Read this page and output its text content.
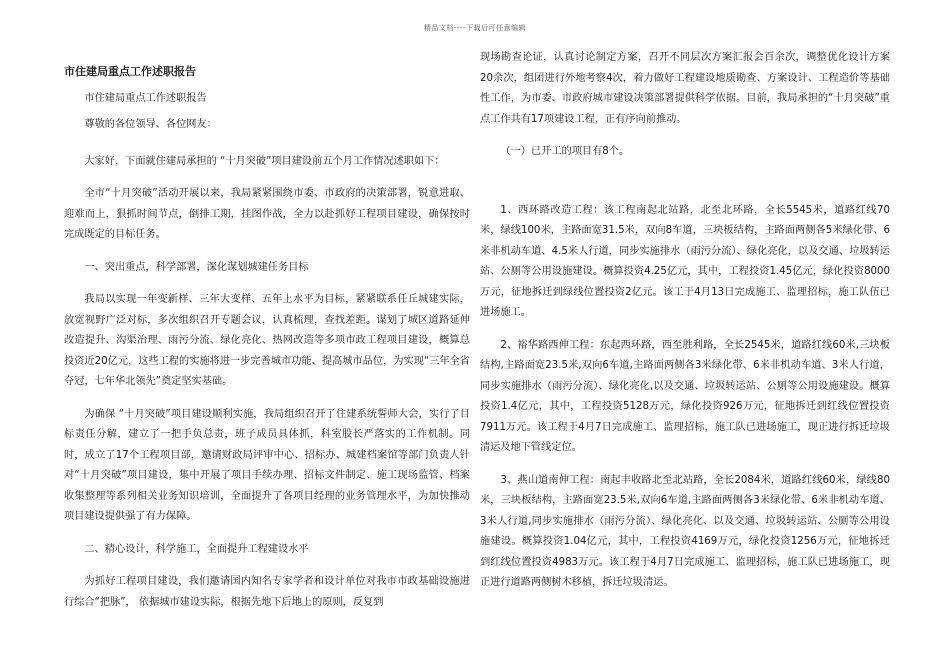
精品文档----下载后可任意编辑

市住建局重点工作述职报告

市住建局重点工作述职报告

尊敬的各位领导、各位网友：

大家好，下面就住建局承担的 “十月突破”项目建设前五个月工作情况述职如下：

全市“十月突破”活动开展以来，我局紧紧围绕市委、市政府的决策部署，锐意进取、迎难而上，狠抓时间节点，倒排工期，挂图作战，全力以赴抓好工程项目建设，确保按时完成既定的目标任务。

一、突出重点，科学部署，深化谋划城建任务目标

我局以实现一年变新样、三年大变样、五年上水平为目标，紧紧联系任丘城建实际，放宽视野广泛对标，多次组织召开专题会议，认真梳理，查找差距。谋划了城区道路延伸改造提升、沟渠治理、雨污分流、绿化亮化、热网改造等多项市政工程项目建设，概算总投资近20亿元，这些工程的实施将进一步完善城市功能、提高城市品位，为实现“三年全省夺冠，七年华北领先”奠定坚实基础。

为确保 “十月突破”项目建设顺利实施，我局组织召开了住建系统誓师大会，实行了目标责任分解，建立了一把手负总责，班子成员具体抓，科室股长严落实的工作机制。同时，成立了17个工程项目部，邀请财政局评审中心、招标办、城建档案馆等部门负责人针对“十月突破”项目建设，集中开展了项目手续办理、招标文件制定、施工现场监管、档案收集整理等系列相关业务知识培训，全面提升了各项目经理的业务管理水平，为加快推动项目建设提供强了有力保障。

二、精心设计，科学施工，全面提升工程建设水平

为抓好工程项目建设，我们邀请国内知名专家学者和设计单位对我市市政基础设施进行综合“把脉”， 依据城市建设实际，根据先地下后地上的原则，反复到

现场勘查论证，认真讨论制定方案，召开不同层次方案汇报会百余次，调整优化设计方案20余次，组团进行外地考察4次，着力做好工程建设地质勘查、方案设计、工程造价等基础性工作，为市委、市政府城市建设决策部署提供科学依据。目前，我局承担的“十月突破”重点工作共有17项建设工程，正有序向前推动。

（一）已开工的项目有8个。

1、西环路改造工程：该工程南起北站路，北至北环路，全长5545米，道路红线70米，绿线100米，主路面宽31.5米，双向8车道，三块板结构，主路面两侧各5米绿化带、6米非机动车道、4.5米人行道，同步实施排水（雨污分流）、绿化亮化，以及交通、垃圾转运站、公厕等公用设施建设。概算投资4.25亿元，其中，工程投资1.45亿元，绿化投资8000万元，征地拆迁到绿线位置投资2亿元。该工于4月13日完成施工、监理招标，施工队伍已进场施工。

2、裕华路西伸工程：东起西环路，西至胜利路，全长2545米，道路红线60米,三块板结构,主路面宽23.5米,双向6车道,主路面两侧各3米绿化带、6米非机动车道、3米人行道，同步实施排水（雨污分流）、绿化亮化,以及交通、垃圾转运站、公厕等公用设施建设。概算投资1.4亿元，其中，工程投资5128万元，绿化投资926万元，征地拆迁到红线位置投资7911万元。该工程于4月7日完成施工、监理招标，施工队已进场施工，现正进行拆迁垃圾清运及地下管线定位。

3、燕山道南伸工程：南起丰收路北至北站路，全长2084米，道路红线60米，绿线80米，三块板结构，主路面宽23.5米,双向6车道,主路面两侧各3米绿化带、6米非机动车道、3米人行道,同步实施排水（雨污分流）、绿化亮化、以及交通、垃圾转运站、公厕等公用设施建设。概算投资1.04亿元，其中，工程投资4169万元，绿化投资1256万元，征地拆迁到红线位置投资4983万元。该工程于4月7日完成施工、监理招标，施工队已进场施工，现正进行道路两侧树木移植，拆迁垃圾清运。
